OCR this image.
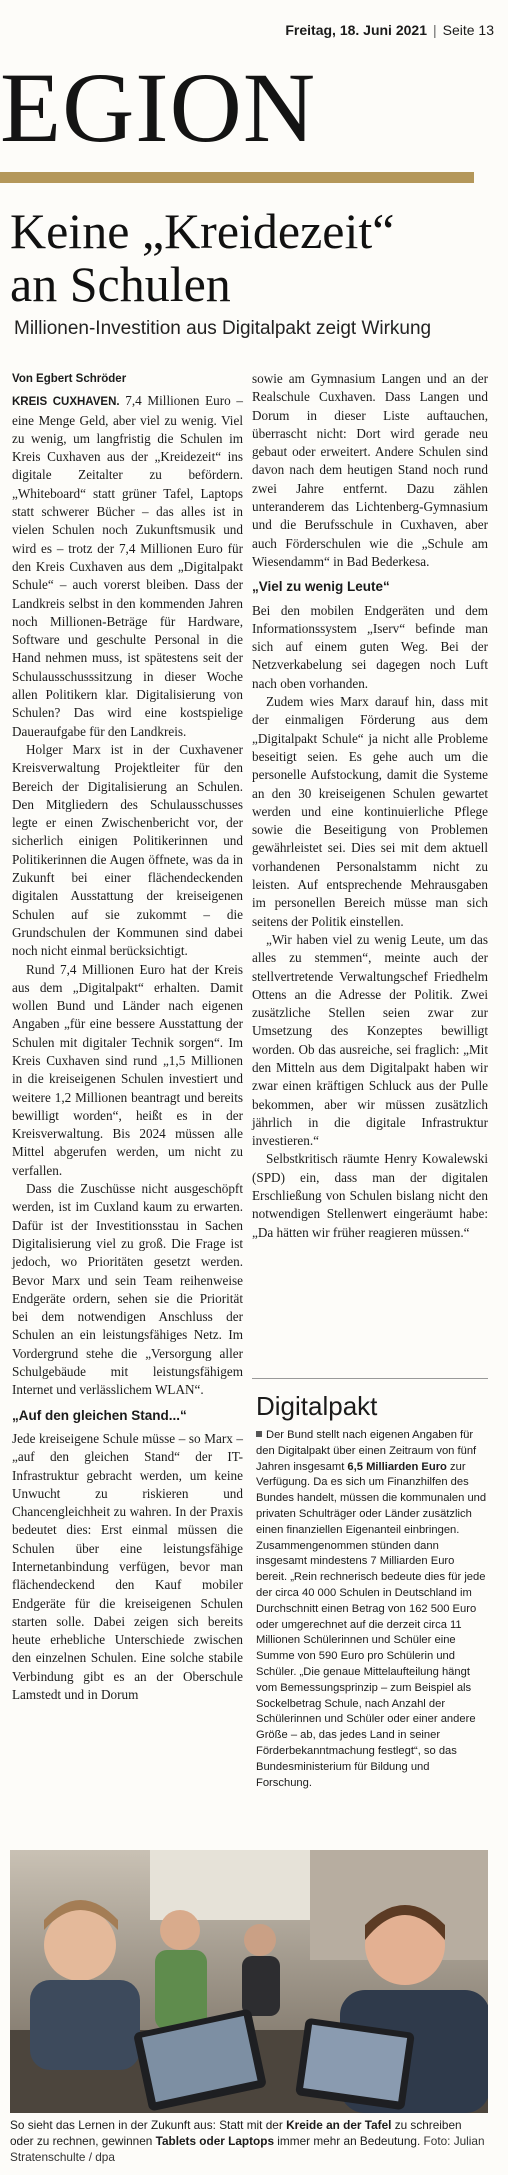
Freitag, 18. Juni 2021 | Seite 13
EGION
Keine „Kreidezeit“
an Schulen
Millionen-Investition aus Digitalpakt zeigt Wirkung

Von Egbert Schröder

KREIS CUXHAVEN. 7,4 Millionen Euro – eine Menge Geld, aber viel zu wenig. Viel zu wenig, um langfristig die Schulen im Kreis Cuxhaven aus der „Kreidezeit“ ins digitale Zeitalter zu befördern. „Whiteboard“ statt grüner Tafel, Laptops statt schwerer Bücher – das alles ist in vielen Schulen noch Zukunftsmusik und wird es – trotz der 7,4 Millionen Euro für den Kreis Cuxhaven aus dem „Digitalpakt Schule“ – auch vorerst bleiben. Dass der Landkreis selbst in den kommenden Jahren noch Millionen-Beträge für Hardware, Software und geschulte Personal in die Hand nehmen muss, ist spätestens seit der Schulausschusssitzung in dieser Woche allen Politikern klar. Digitalisierung von Schulen? Das wird eine kostspielige Daueraufgabe für den Landkreis.

Holger Marx ist in der Cuxhavener Kreisverwaltung Projektleiter für den Bereich der Digitalisierung an Schulen. Den Mitgliedern des Schulausschusses legte er einen Zwischenbericht vor, der sicherlich einigen Politikerinnen und Politikerinnen die Augen öffnete, was da in Zukunft bei einer flächendeckenden digitalen Ausstattung der kreiseigenen Schulen auf sie zukommt – die Grundschulen der Kommunen sind dabei noch nicht einmal berücksichtigt.

Rund 7,4 Millionen Euro hat der Kreis aus dem „Digitalpakt“ erhalten. Damit wollen Bund und Länder nach eigenen Angaben „für eine bessere Ausstattung der Schulen mit digitaler Technik sorgen“. Im Kreis Cuxhaven sind rund „1,5 Millionen in die kreiseigenen Schulen investiert und weitere 1,2 Millionen beantragt und bereits bewilligt worden“, heißt es in der Kreisverwaltung. Bis 2024 müssen alle Mittel abgerufen werden, um nicht zu verfallen.

Dass die Zuschüsse nicht ausgeschöpft werden, ist im Cuxland kaum zu erwarten. Dafür ist der Investitionsstau in Sachen Digitalisierung viel zu groß. Die Frage ist jedoch, wo Prioritäten gesetzt werden. Bevor Marx und sein Team reihenweise Endgeräte ordern, sehen sie die Priorität bei dem notwendigen Anschluss der Schulen an ein leistungsfähiges Netz. Im Vordergrund stehe die „Versorgung aller Schulgebäude mit leistungsfähigem Internet und verlässlichem WLAN“.

„Auf den gleichen Stand...“

Jede kreiseigene Schule müsse – so Marx – „auf den gleichen Stand“ der IT-Infrastruktur gebracht werden, um keine Unwucht zu riskieren und Chancengleichheit zu wahren. In der Praxis bedeutet dies: Erst einmal müssen die Schulen über eine leistungsfähige Internetanbindung verfügen, bevor man flächendeckend den Kauf mobiler Endgeräte für die kreiseigenen Schulen starten solle. Dabei zeigen sich bereits heute erhebliche Unterschiede zwischen den einzelnen Schulen. Eine solche stabile Verbindung gibt es an der Oberschule Lamstedt und in Dorum

sowie am Gymnasium Langen und an der Realschule Cuxhaven. Dass Langen und Dorum in dieser Liste auftauchen, überrascht nicht: Dort wird gerade neu gebaut oder erweitert. Andere Schulen sind davon nach dem heutigen Stand noch rund zwei Jahre entfernt. Dazu zählen unteranderem das Lichtenberg-Gymnasium und die Berufsschule in Cuxhaven, aber auch Förderschulen wie die „Schule am Wiesendamm“ in Bad Bederkesa.

„Viel zu wenig Leute“

Bei den mobilen Endgeräten und dem Informationssystem „Iserv“ befinde man sich auf einem guten Weg. Bei der Netzverkabelung sei dagegen noch Luft nach oben vorhanden.

Zudem wies Marx darauf hin, dass mit der einmaligen Förderung aus dem „Digitalpakt Schule“ ja nicht alle Probleme beseitigt seien. Es gehe auch um die personelle Aufstockung, damit die Systeme an den 30 kreiseigenen Schulen gewartet werden und eine kontinuierliche Pflege sowie die Beseitigung von Problemen gewährleistet sei. Dies sei mit dem aktuell vorhandenen Personalstamm nicht zu leisten. Auf entsprechende Mehrausgaben im personellen Bereich müsse man sich seitens der Politik einstellen.

„Wir haben viel zu wenig Leute, um das alles zu stemmen“, meinte auch der stellvertretende Verwaltungschef Friedhelm Ottens an die Adresse der Politik. Zwei zusätzliche Stellen seien zwar zur Umsetzung des Konzeptes bewilligt worden. Ob das ausreiche, sei fraglich: „Mit den Mitteln aus dem Digitalpakt haben wir zwar einen kräftigen Schluck aus der Pulle bekommen, aber wir müssen zusätzlich jährlich in die digitale Infrastruktur investieren.“

Selbstkritisch räumte Henry Kowalewski (SPD) ein, dass man der digitalen Erschließung von Schulen bislang nicht den notwendigen Stellenwert eingeräumt habe: „Da hätten wir früher reagieren müssen.“

Digitalpakt

Der Bund stellt nach eigenen Angaben für den Digitalpakt über einen Zeitraum von fünf Jahren insgesamt 6,5 Milliarden Euro zur Verfügung. Da es sich um Finanzhilfen des Bundes handelt, müssen die kommunalen und privaten Schulträger oder Länder zusätzlich einen finanziellen Eigenanteil einbringen. Zusammengenommen stünden dann insgesamt mindestens 7 Milliarden Euro bereit. „Rein rechnerisch bedeute dies für jede der circa 40 000 Schulen in Deutschland im Durchschnitt einen Betrag von 162 500 Euro oder umgerechnet auf die derzeit circa 11 Millionen Schülerinnen und Schüler eine Summe von 590 Euro pro Schülerin und Schüler. „Die genaue Mittelaufteilung hängt vom Bemessungsprinzip – zum Beispiel als Sockelbetrag Schule, nach Anzahl der Schülerinnen und Schüler oder einer andere Größe – ab, das jedes Land in seiner Förderbekanntmachung festlegt“, so das Bundesministerium für Bildung und Forschung.

So sieht das Lernen in der Zukunft aus: Statt mit der Kreide an der Tafel zu schreiben oder zu rechnen, gewinnen Tablets oder Laptops immer mehr an Bedeutung. Foto: Julian Stratenschulte / dpa
